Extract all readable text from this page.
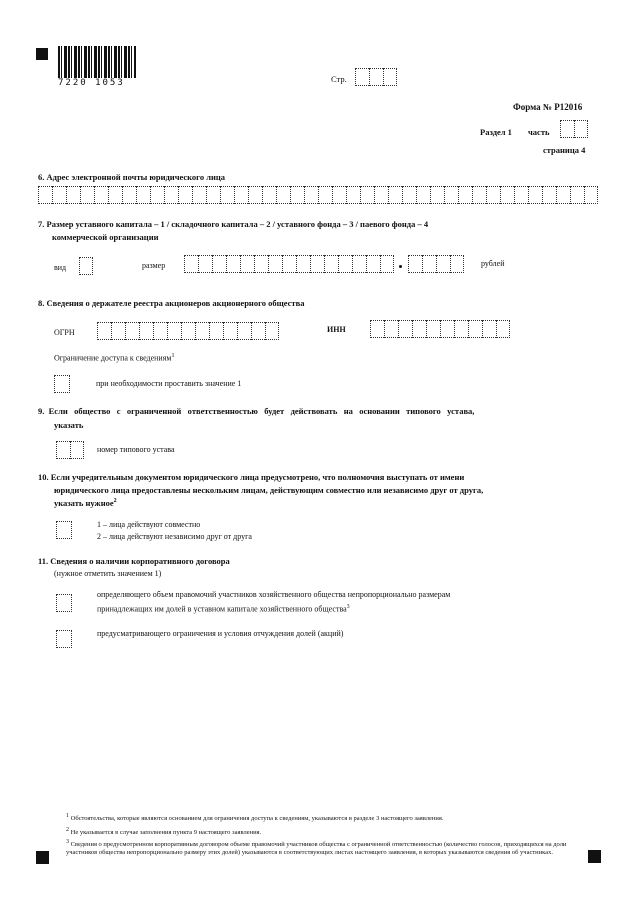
7220 1053	Стр.
Форма № Р12016
Раздел 1 часть
страница 4
6. Адрес электронной почты юридического лица
7. Размер уставного капитала – 1 / складочного капитала – 2 / уставного фонда – 3 / паевого фонда – 4
коммерческой организации
вид	размер	рублей
8. Сведения о держателе реестра акционеров акционерного общества
ОГРН	ИНН
Ограничение доступа к сведениям$^1$
при необходимости проставить значение 1
9.  Если   общество   с   ограниченной   ответственностью   будет   действовать   на   основании   типового   устава,
указать
номер типового устава
10. Если учредительным документом юридического лица предусмотрено, что полномочия выступать от имени
юридического лица предоставлены нескольким лицам, действующим совместно или независимо друг от друга,
указать нужное$^2$
1 – лица действуют совместно
2 – лица действуют независимо друг от друга
11. Сведения о наличии корпоративного договора
(нужное отметить значением 1)
определяющего объем правомочий участников хозяйственного общества непропорционально размерам
принадлежащих им долей в уставном капитале хозяйственного общества$^3$
предусматривающего ограничения и условия отчуждения долей (акций)
$^1$ Обстоятельства, которые являются основанием для ограничения доступа к сведениям, указываются в разделе 3 настоящего заявления.
$^2$ Не указывается в случае заполнения пункта 9 настоящего заявления.
$^3$ Сведения о предусмотренном корпоративным договором объеме правомочий участников общества с ограниченной ответственностью (количество голосов, приходящихся на доли участников общества непропорционально размеру этих долей) указываются в соответствующих листах настоящего заявления, в которых указываются сведения об участниках.
